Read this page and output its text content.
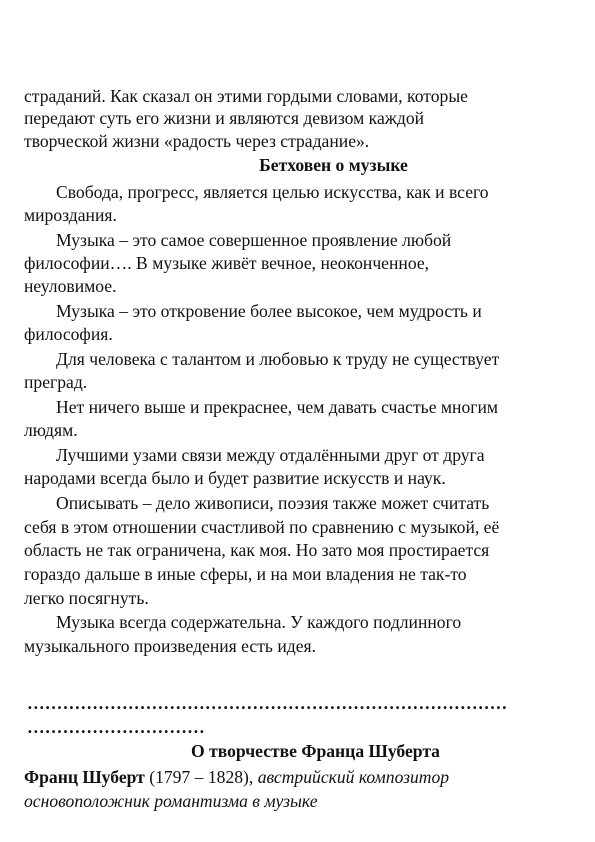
страданий. Как сказал он этими гордыми словами, которые
передают суть его жизни и являются девизом каждой
творческой жизни «радость через страдание».
Бетховен о музыке
Свобода, прогресс, является целью искусства, как и всего
мироздания.
Музыка – это самое совершенное проявление любой
философии…. В музыке живёт вечное, неоконченное,
неуловимое.
Музыка – это откровение более высокое, чем мудрость и
философия.
Для человека с талантом и любовью к труду не существует
преград.
Нет ничего выше и прекраснее, чем давать счастье многим
людям.
Лучшими узами связи между отдалёнными друг от друга
народами всегда было и будет развитие искусств и наук.
Описывать – дело живописи, поэзия также может считать
себя в этом отношении счастливой по сравнению с музыкой, её
область не так ограничена, как моя. Но зато моя простирается
гораздо дальше в иные сферы, и на мои владения не так-то
легко посягнуть.
Музыка всегда содержательна. У каждого подлинного
музыкального произведения есть идея.
………………………………………………………………………
…………………………
О творчестве Франца Шуберта
Франц Шуберт (1797 – 1828), австрийский композитор
основоположник романтизма в музыке
